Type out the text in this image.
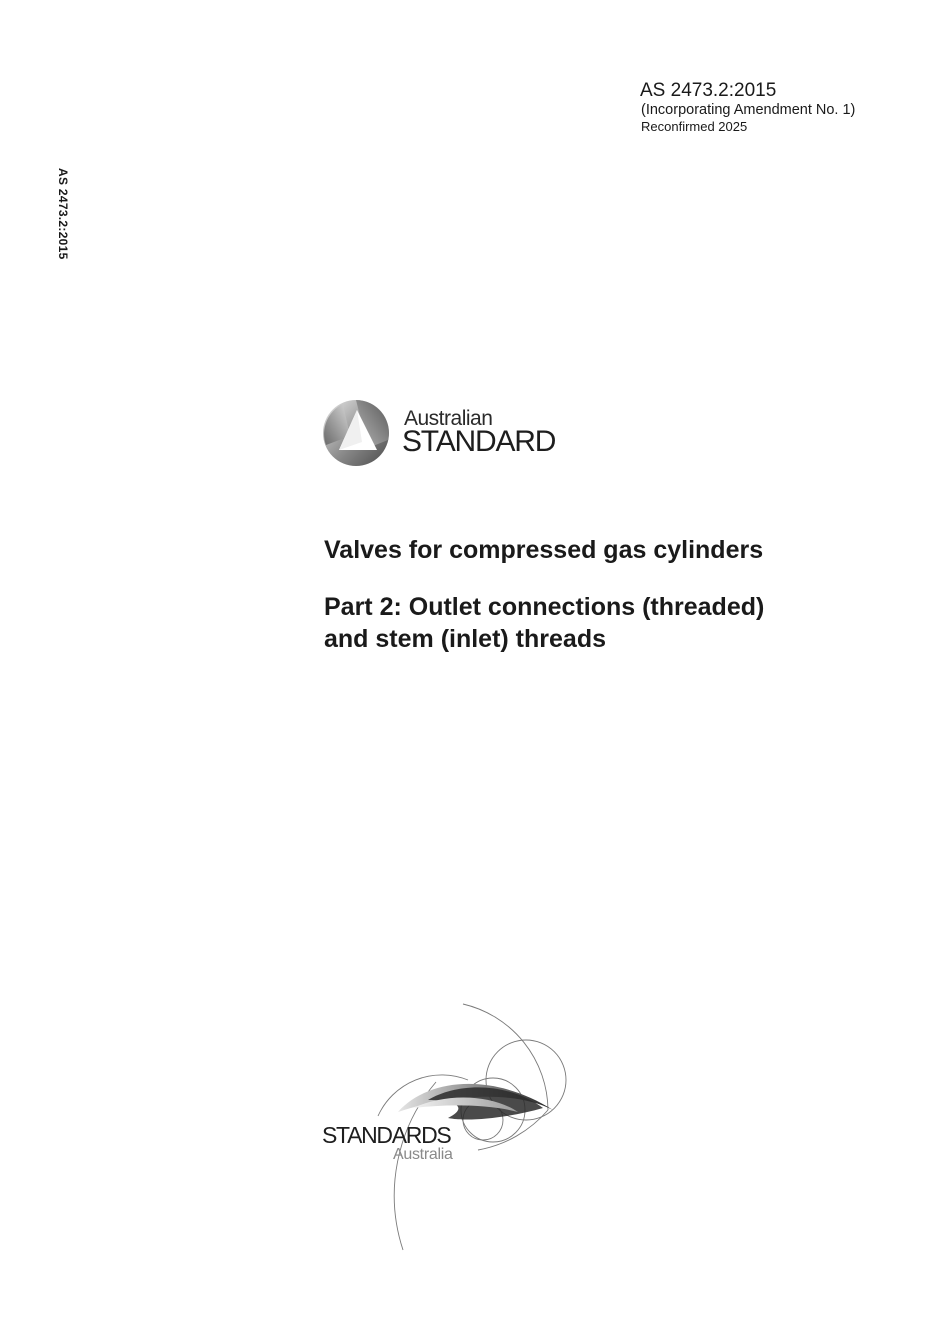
AS 2473.2:2015
(Incorporating Amendment No. 1)
Reconfirmed 2025
AS 2473.2:2015
Australian
STANDARD
Valves for compressed gas cylinders
Part 2: Outlet connections (threaded)
and stem (inlet) threads
STANDARDS
Australia
